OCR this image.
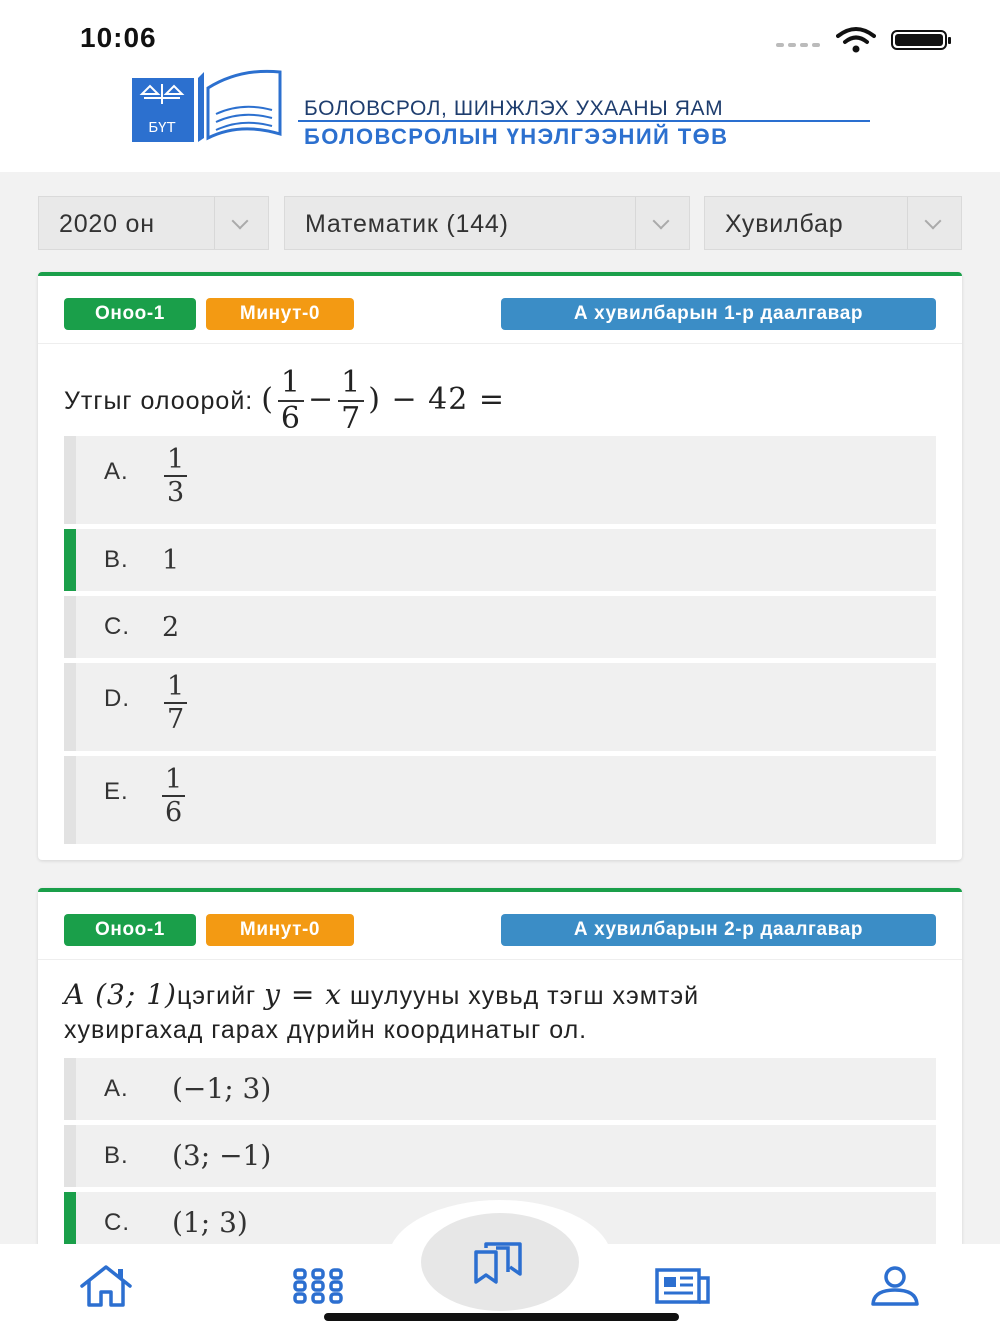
10:06
БҮТ
БОЛОВСРОЛ, ШИНЖЛЭХ УХААНЫ ЯАМ
БОЛОВСРОЛЫН ҮНЭЛГЭЭНИЙ ТӨВ
2020 он	Математик (144)	Хувилбар
Оноо-1	Минут-0	А хувилбарын 1-р даалгавар
Утгыг олоорой: ( $\frac{1}{6} - \frac{1}{7}$ ) − 42 =
A. $\frac{1}{3}$
B. 1
C. 2
D. $\frac{1}{7}$
E. $\frac{1}{6}$
Оноо-1	Минут-0	А хувилбарын 2-р даалгавар
A (3; 1)цэгийг y = x шулууны хувьд тэгш хэмтэй
хувиргахад гарах дүрийн координатыг ол.
A. (−1; 3)
B. (3; −1)
C. (1; 3)
